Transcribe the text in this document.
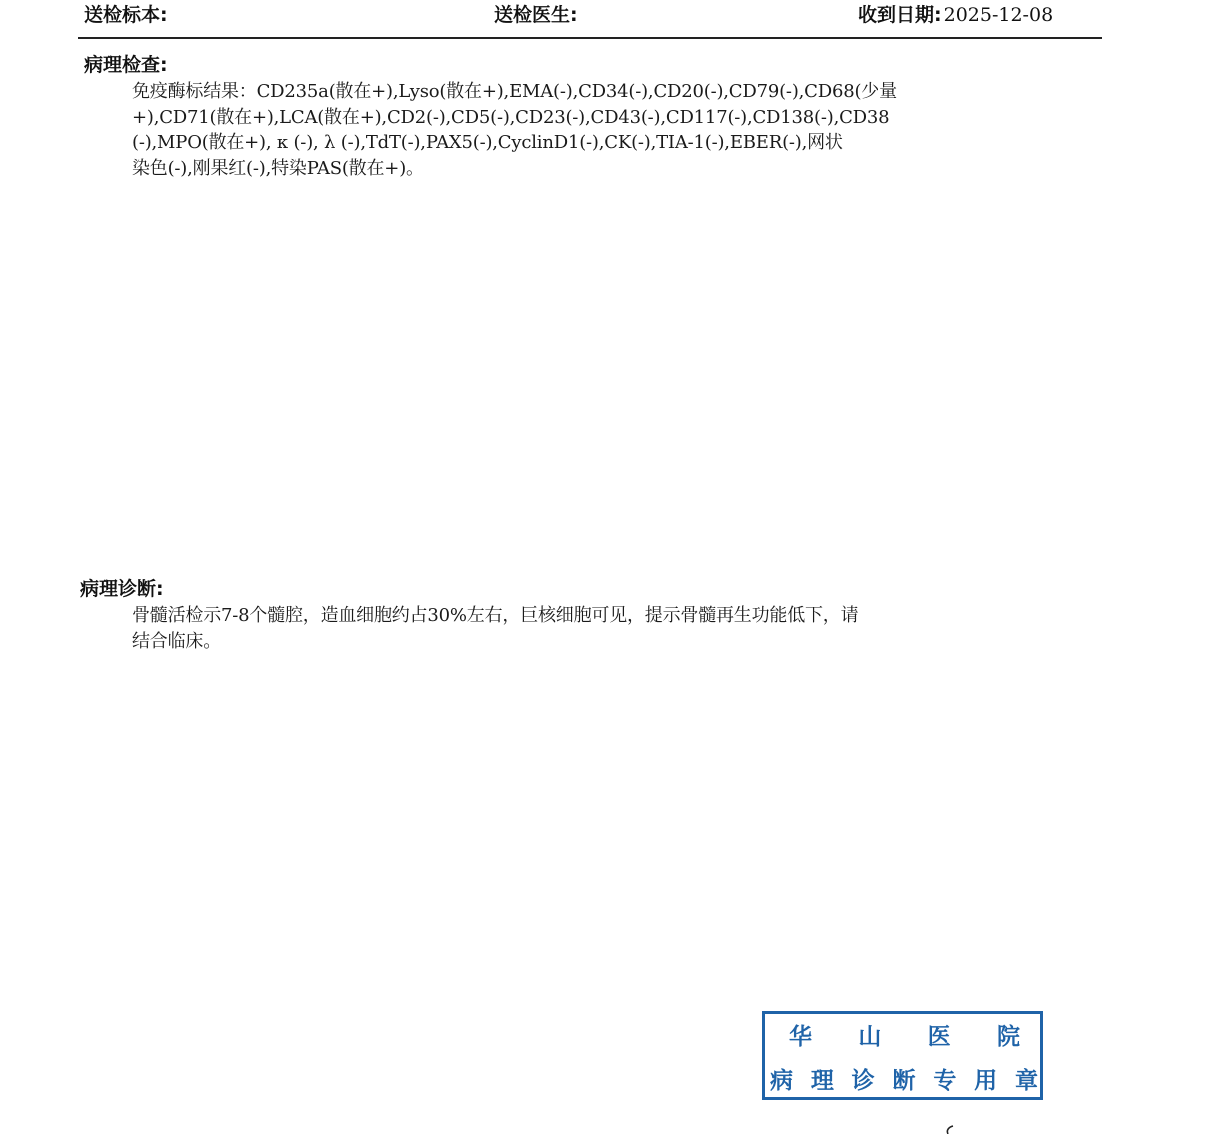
送检标本:	送检医生:	收到日期: 2025-12-08
病理检查:
免疫酶标结果：CD235a(散在+),Lyso(散在+),EMA(-),CD34(-),CD20(-),CD79(-),CD68(少量
+),CD71(散在+),LCA(散在+),CD2(-),CD5(-),CD23(-),CD43(-),CD117(-),CD138(-),CD38
(-),MPO(散在+), κ (-), λ (-),TdT(-),PAX5(-),CyclinD1(-),CK(-),TIA-1(-),EBER(-),网状
染色(-),刚果红(-),特染PAS(散在+)。
病理诊断:
骨髓活检示7-8个髓腔，造血细胞约占30%左右，巨核细胞可见，提示骨髓再生功能低下，请
结合临床。
华 山 医 院
病 理 诊 断 专 用 章
